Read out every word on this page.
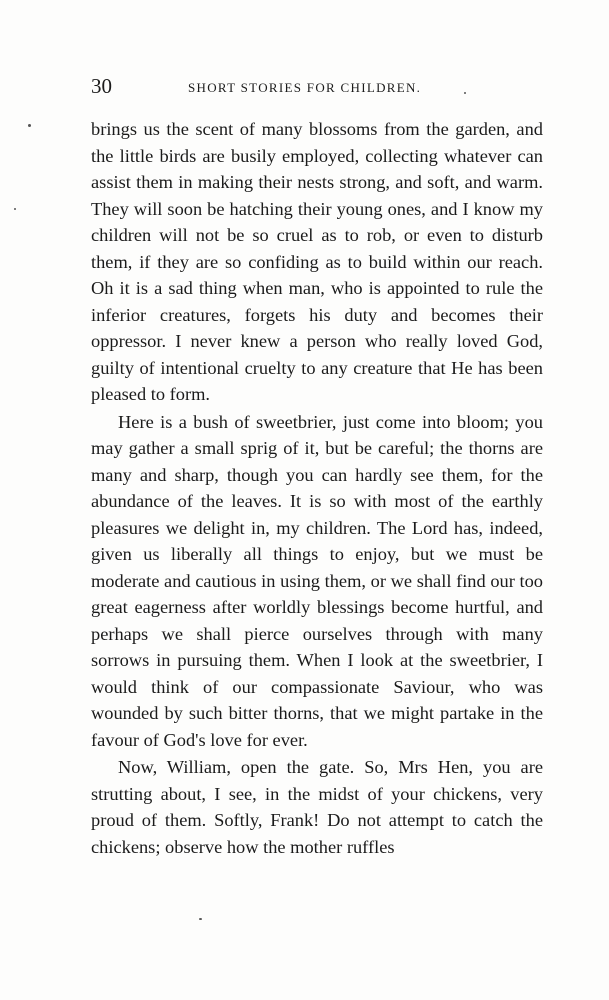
30	SHORT STORIES FOR CHILDREN.

brings us the scent of many blossoms from the garden, and the little birds are busily employed, collecting whatever can assist them in making their nests strong, and soft, and warm. They will soon be hatching their young ones, and I know my children will not be so cruel as to rob, or even to disturb them, if they are so confiding as to build within our reach. Oh it is a sad thing when man, who is appointed to rule the inferior creatures, forgets his duty and becomes their oppressor. I never knew a person who really loved God, guilty of intentional cruelty to any creature that He has been pleased to form.

Here is a bush of sweetbrier, just come into bloom; you may gather a small sprig of it, but be careful; the thorns are many and sharp, though you can hardly see them, for the abundance of the leaves. It is so with most of the earthly pleasures we delight in, my children. The Lord has, indeed, given us liberally all things to enjoy, but we must be moderate and cautious in using them, or we shall find our too great eagerness after worldly blessings become hurtful, and perhaps we shall pierce ourselves through with many sorrows in pursuing them. When I look at the sweetbrier, I would think of our compassionate Saviour, who was wounded by such bitter thorns, that we might partake in the favour of God's love for ever.

Now, William, open the gate. So, Mrs Hen, you are strutting about, I see, in the midst of your chickens, very proud of them. Softly, Frank! Do not attempt to catch the chickens; observe how the mother ruffles
